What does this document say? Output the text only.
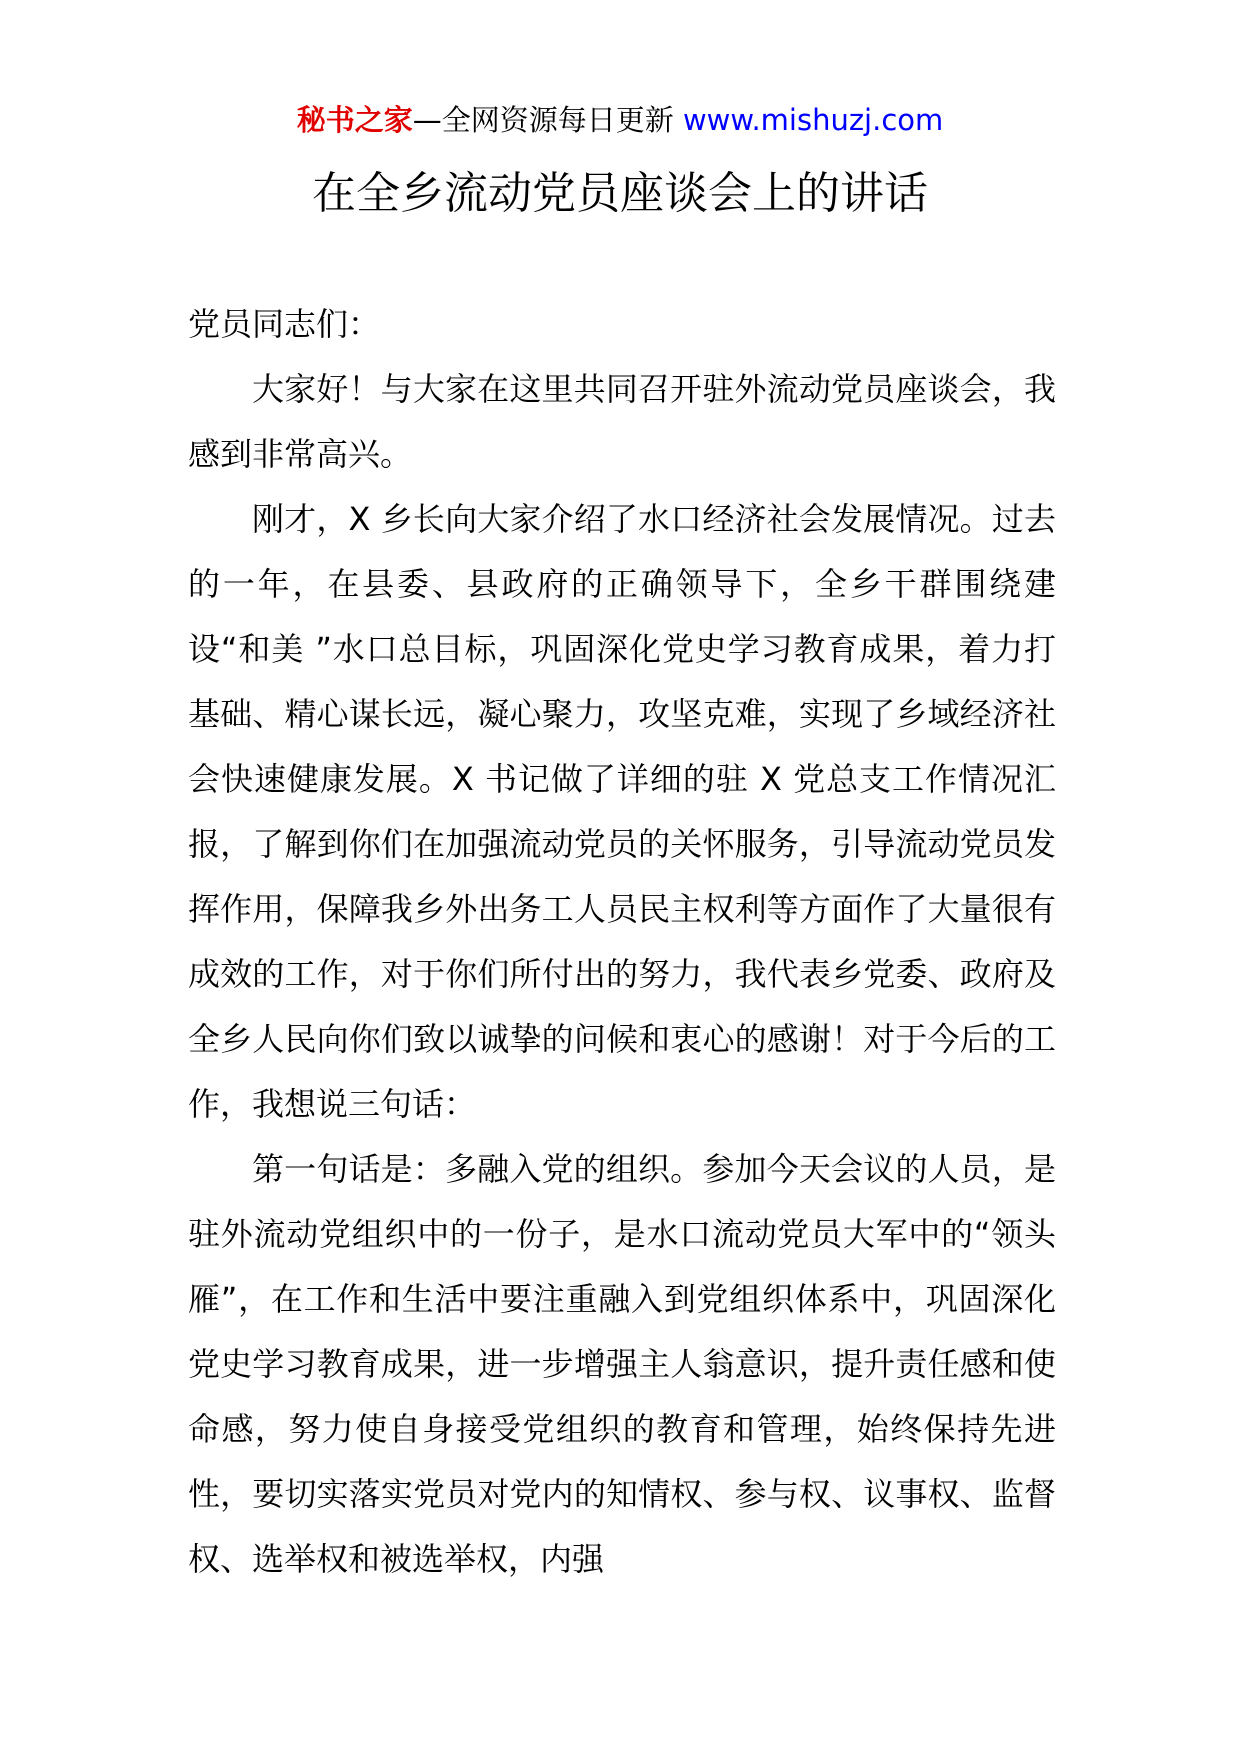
秘书之家—全网资源每日更新 www.mishuzj.com
在全乡流动党员座谈会上的讲话

党员同志们：

大家好！与大家在这里共同召开驻外流动党员座谈会，我感到非常高兴。

刚才，X 乡长向大家介绍了水口经济社会发展情况。过去的一年，在县委、县政府的正确领导下，全乡干群围绕建设“和美 ”水口总目标，巩固深化党史学习教育成果，着力打基础、精心谋长远，凝心聚力，攻坚克难，实现了乡域经济社会快速健康发展。X 书记做了详细的驻 X 党总支工作情况汇报，了解到你们在加强流动党员的关怀服务，引导流动党员发挥作用，保障我乡外出务工人员民主权利等方面作了大量很有成效的工作，对于你们所付出的努力，我代表乡党委、政府及全乡人民向你们致以诚挚的问候和衷心的感谢！对于今后的工作，我想说三句话：

第一句话是：多融入党的组织。参加今天会议的人员，是驻外流动党组织中的一份子，是水口流动党员大军中的“领头雁”，在工作和生活中要注重融入到党组织体系中，巩固深化党史学习教育成果，进一步增强主人翁意识，提升责任感和使命感，努力使自身接受党组织的教育和管理，始终保持先进性，要切实落实党员对党内的知情权、参与权、议事权、监督权、选举权和被选举权，内强
